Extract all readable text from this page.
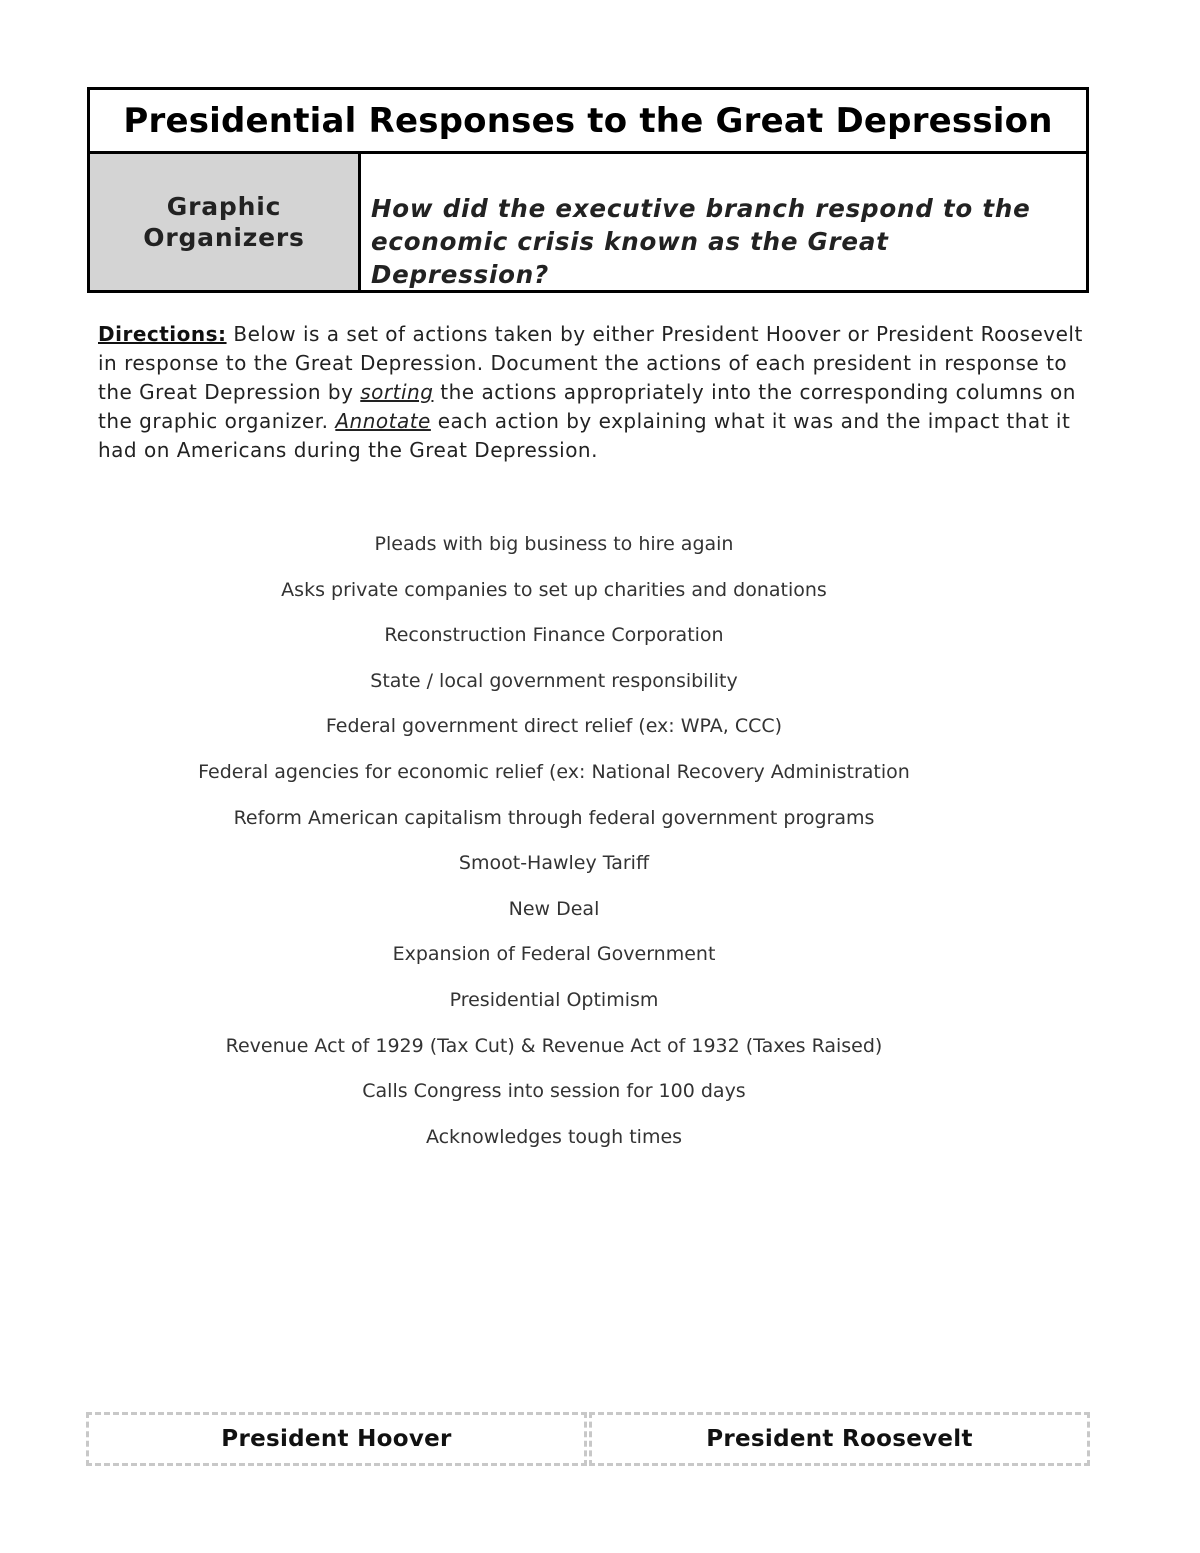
Presidential Responses to the Great Depression
Graphic Organizers
How did the executive branch respond to the economic crisis known as the Great Depression?
Directions: Below is a set of actions taken by either President Hoover or President Roosevelt in response to the Great Depression. Document the actions of each president in response to the Great Depression by sorting the actions appropriately into the corresponding columns on the graphic organizer. Annotate each action by explaining what it was and the impact that it had on Americans during the Great Depression.
Pleads with big business to hire again
Asks private companies to set up charities and donations
Reconstruction Finance Corporation
State / local government responsibility
Federal government direct relief (ex: WPA, CCC)
Federal agencies for economic relief (ex: National Recovery Administration
Reform American capitalism through federal government programs
Smoot-Hawley Tariff
New Deal
Expansion of Federal Government
Presidential Optimism
Revenue Act of 1929 (Tax Cut) & Revenue Act of 1932 (Taxes Raised)
Calls Congress into session for 100 days
Acknowledges tough times
President Hoover	President Roosevelt
